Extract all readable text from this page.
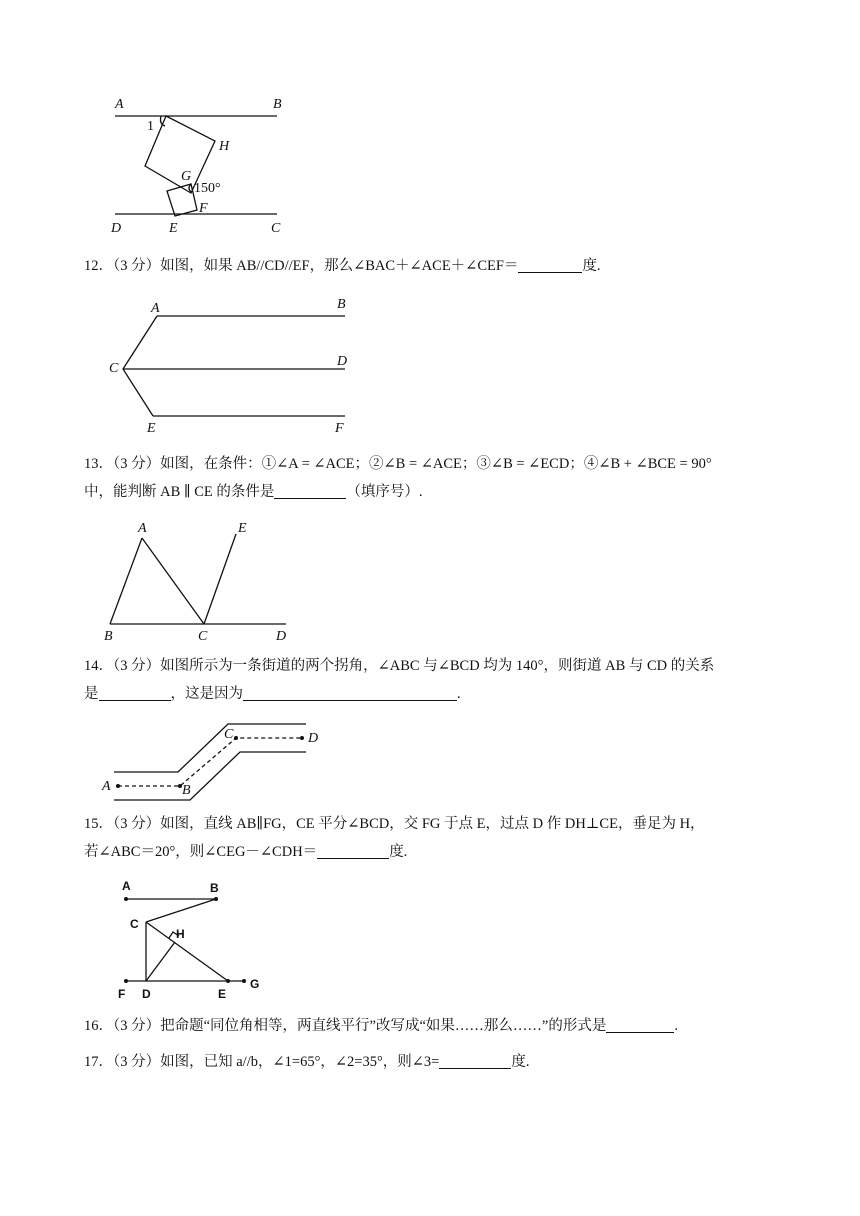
A	B
1
H
G
150°
F
D	E	C
12．（3 分）如图，如果 AB//CD//EF，那么∠BAC＋∠ACE＋∠CEF＝	度.
A	B
C	D
E	F
13．（3 分）如图，在条件：①∠A = ∠ACE；②∠B = ∠ACE；③∠B = ∠ECD；④∠B + ∠BCE = 90°
中，能判断 AB ∥ CE 的条件是	（填序号）.
A	E
B	C	D
14．（3 分）如图所示为一条街道的两个拐角，∠ABC 与∠BCD 均为 140°，则街道 AB 与 CD 的关系
是	，这是因为	.
A	B
C	D
15．（3 分）如图，直线 AB∥FG，CE 平分∠BCD，交 FG 于点 E，过点 D 作 DH⊥CE，垂足为 H，
若∠ABC＝20°，则∠CEG－∠CDH＝	度.
A	B
C
H
F D	E
G
16．（3 分）把命题“同位角相等，两直线平行”改写成“如果……那么……”的形式是	.
17．（3 分）如图，已知 a//b，∠1=65°，∠2=35°，则∠3=	度.
